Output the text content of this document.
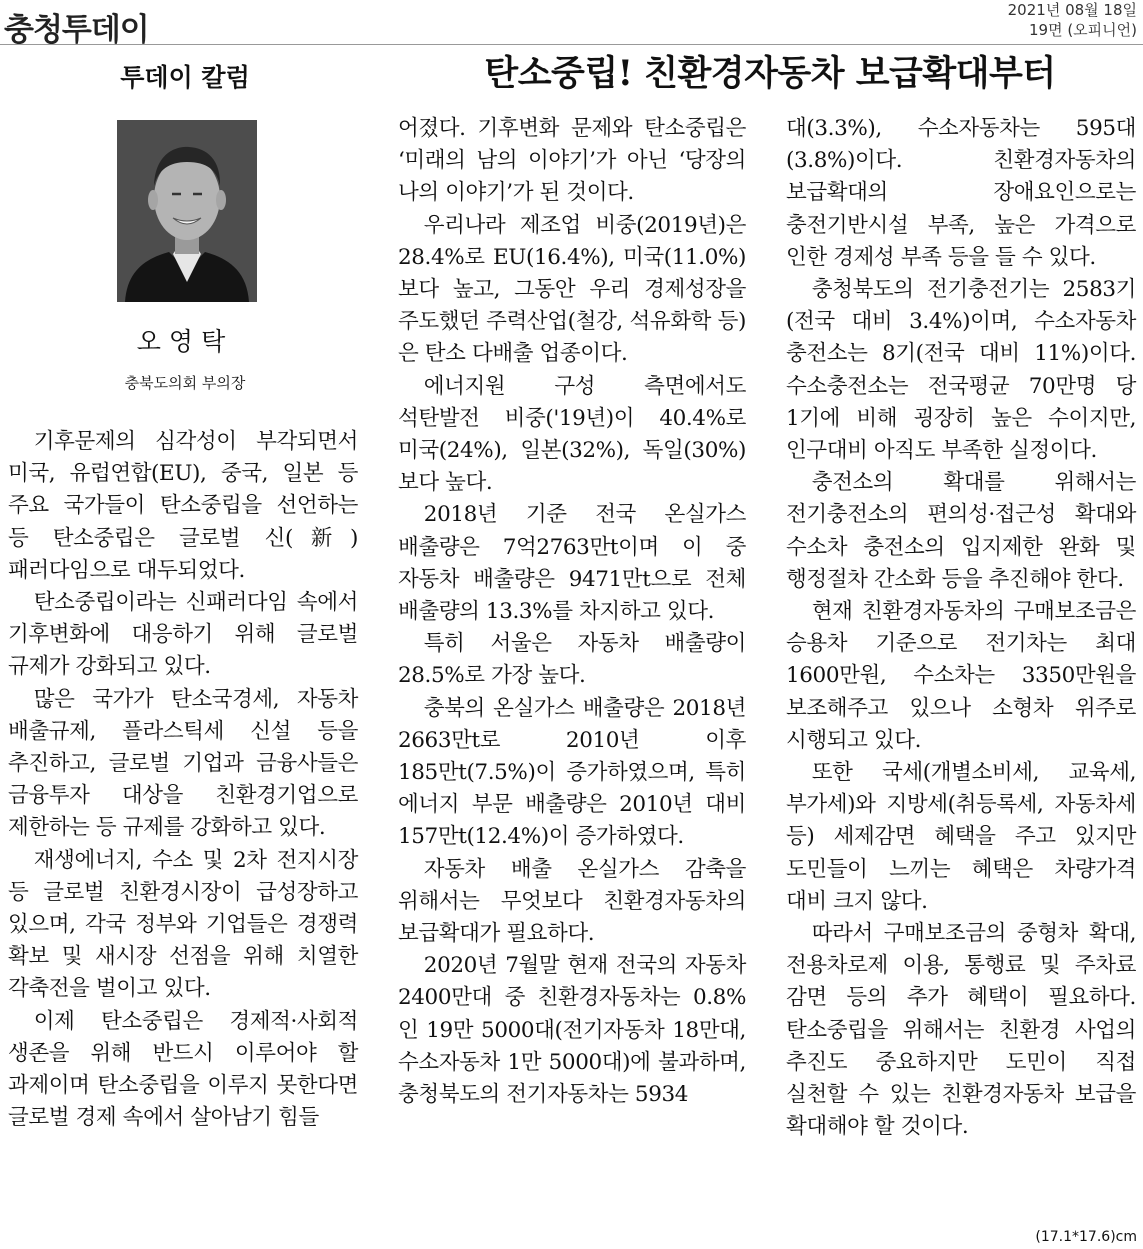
충청투데이
2021년 08월 18일
19면 (오피니언)
투데이 칼럼	탄소중립! 친환경자동차 보급확대부터
오영탁
충북도의회 부의장

기후문제의 심각성이 부각되면서 미국, 유럽연합(EU), 중국, 일본 등 주요 국가들이 탄소중립을 선언하는 등 탄소중립은 글로벌 신(新)패러다임으로 대두되었다.

탄소중립이라는 신패러다임 속에서 기후변화에 대응하기 위해 글로벌 규제가 강화되고 있다.

많은 국가가 탄소국경세, 자동차 배출규제, 플라스틱세 신설 등을 추진하고, 글로벌 기업과 금융사들은 금융투자 대상을 친환경기업으로 제한하는 등 규제를 강화하고 있다.

재생에너지, 수소 및 2차 전지시장 등 글로벌 친환경시장이 급성장하고 있으며, 각국 정부와 기업들은 경쟁력 확보 및 새시장 선점을 위해 치열한 각축전을 벌이고 있다.

이제 탄소중립은 경제적·사회적 생존을 위해 반드시 이루어야 할 과제이며 탄소중립을 이루지 못한다면 글로벌 경제 속에서 살아남기 힘들

어졌다. 기후변화 문제와 탄소중립은 ‘미래의 남의 이야기’가 아닌 ‘당장의 나의 이야기’가 된 것이다.

우리나라 제조업 비중(2019년)은 28.4%로 EU(16.4%), 미국(11.0%)보다 높고, 그동안 우리 경제성장을 주도했던 주력산업(철강, 석유화학 등)은 탄소 다배출 업종이다.

에너지원 구성 측면에서도 석탄발전 비중('19년)이 40.4%로 미국(24%), 일본(32%), 독일(30%) 보다 높다.

2018년 기준 전국 온실가스 배출량은 7억2763만t이며 이 중 자동차 배출량은 9471만t으로 전체 배출량의 13.3%를 차지하고 있다.

특히 서울은 자동차 배출량이 28.5%로 가장 높다.

충북의 온실가스 배출량은 2018년 2663만t로 2010년 이후 185만t(7.5%)이 증가하였으며, 특히 에너지 부문 배출량은 2010년 대비 157만t(12.4%)이 증가하였다.

자동차 배출 온실가스 감축을 위해서는 무엇보다 친환경자동차의 보급확대가 필요하다.

2020년 7월말 현재 전국의 자동차 2400만대 중 친환경자동차는 0.8%인 19만 5000대(전기자동차 18만대, 수소자동차 1만 5000대)에 불과하며, 충청북도의 전기자동차는 5934

대(3.3%), 수소자동차는 595대(3.8%)이다. 친환경자동차의 보급확대의 장애요인으로는 충전기반시설 부족, 높은 가격으로 인한 경제성 부족 등을 들 수 있다.

충청북도의 전기충전기는 2583기(전국 대비 3.4%)이며, 수소자동차 충전소는 8기(전국 대비 11%)이다. 수소충전소는 전국평균 70만명 당 1기에 비해 굉장히 높은 수이지만, 인구대비 아직도 부족한 실정이다.

충전소의 확대를 위해서는 전기충전소의 편의성·접근성 확대와 수소차 충전소의 입지제한 완화 및 행정절차 간소화 등을 추진해야 한다.

현재 친환경자동차의 구매보조금은 승용차 기준으로 전기차는 최대 1600만원, 수소차는 3350만원을 보조해주고 있으나 소형차 위주로 시행되고 있다.

또한 국세(개별소비세, 교육세, 부가세)와 지방세(취등록세, 자동차세 등) 세제감면 혜택을 주고 있지만 도민들이 느끼는 혜택은 차량가격 대비 크지 않다.

따라서 구매보조금의 중형차 확대, 전용차로제 이용, 통행료 및 주차료 감면 등의 추가 혜택이 필요하다. 탄소중립을 위해서는 친환경 사업의 추진도 중요하지만 도민이 직접 실천할 수 있는 친환경자동차 보급을 확대해야 할 것이다.

(17.1*17.6)cm
